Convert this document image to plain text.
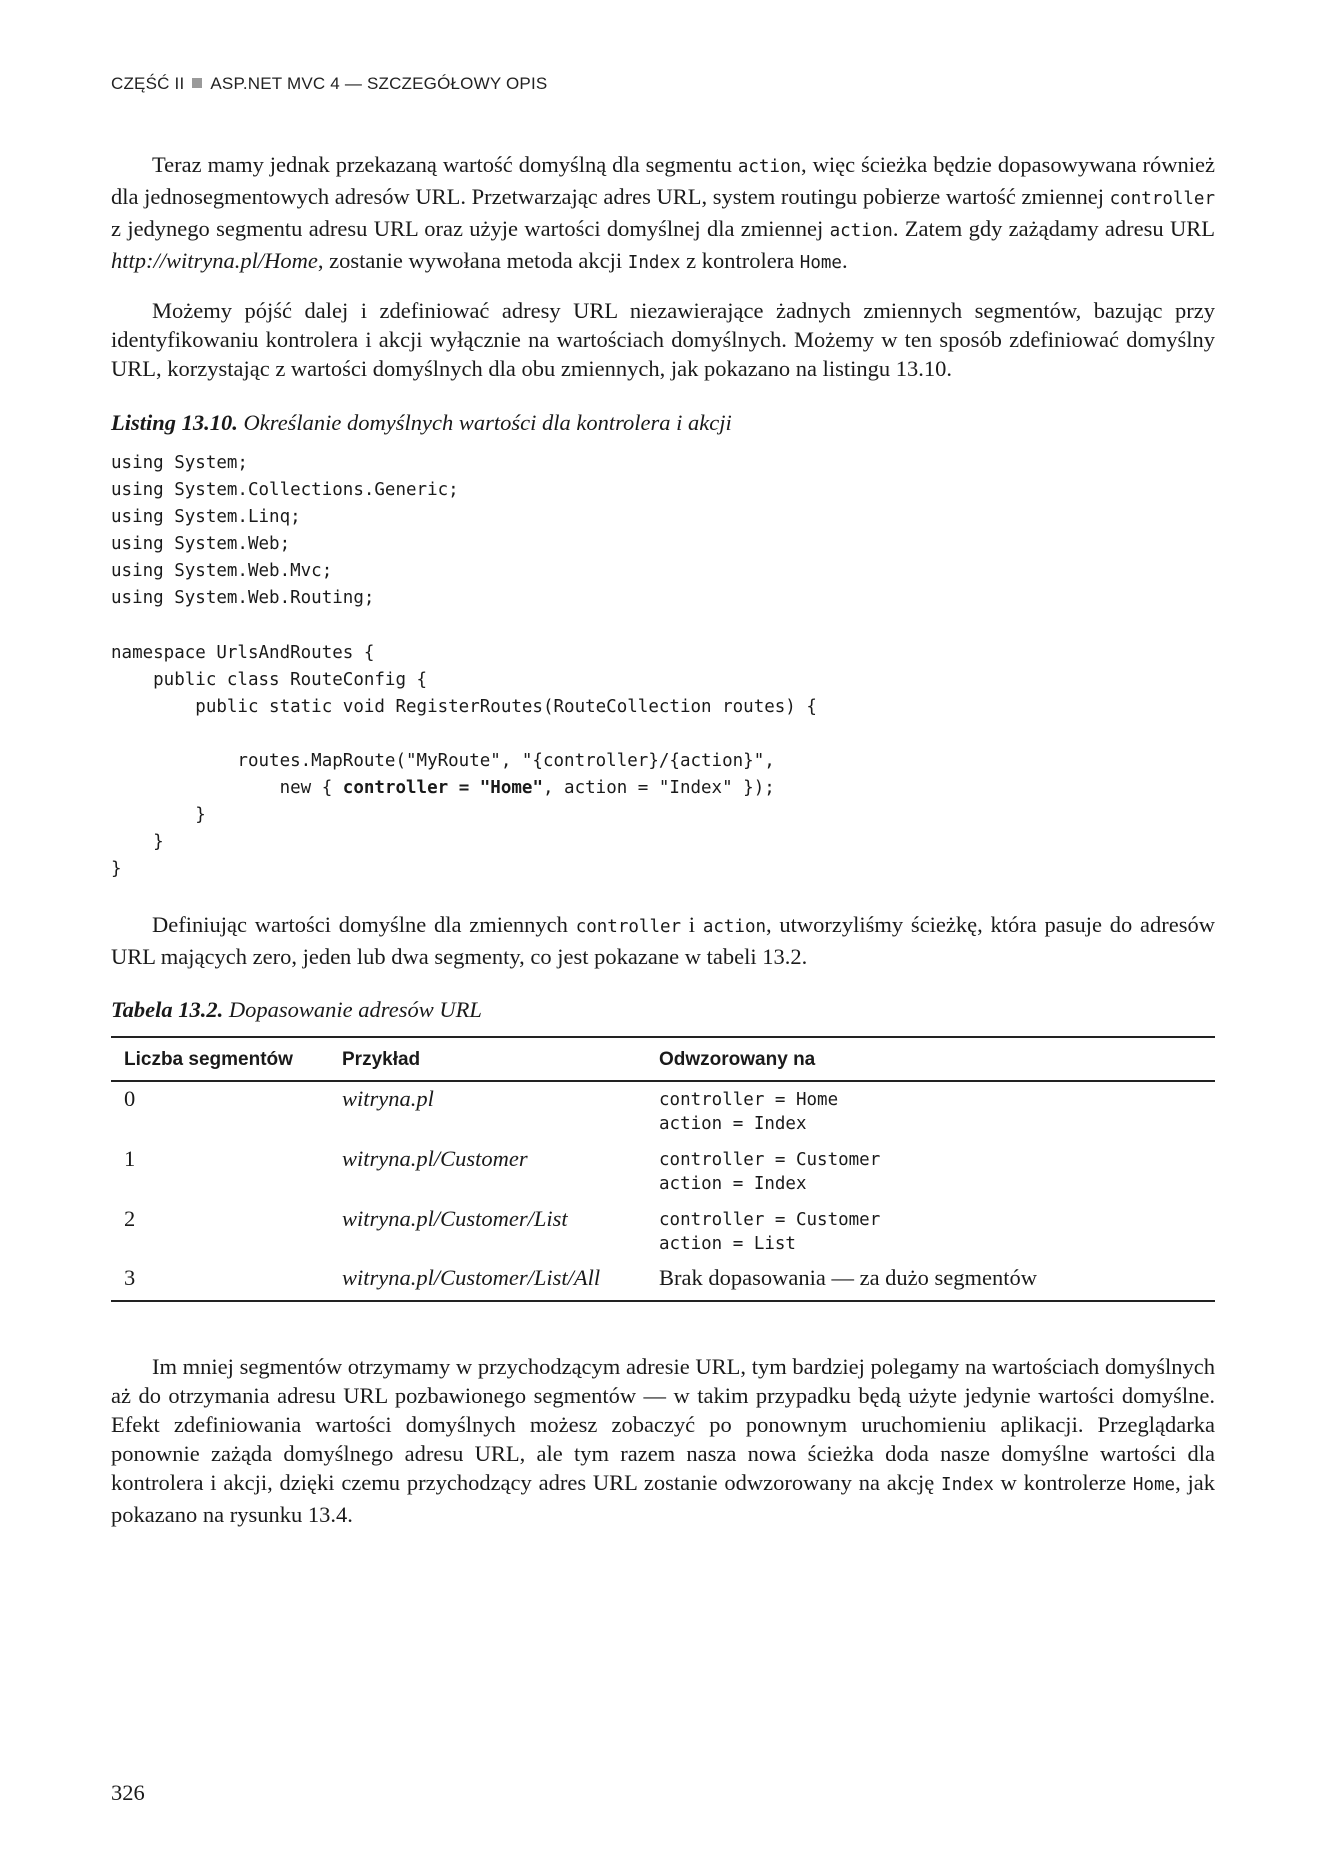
CZĘŚĆ II ASP.NET MVC 4 — SZCZEGÓŁOWY OPIS

Teraz mamy jednak przekazaną wartość domyślną dla segmentu action, więc ścieżka będzie dopasowywana również dla jednosegmentowych adresów URL. Przetwarzając adres URL, system routingu pobierze wartość zmiennej controller z jedynego segmentu adresu URL oraz użyje wartości domyślnej dla zmiennej action. Zatem gdy zażądamy adresu URL http://witryna.pl/Home, zostanie wywołana metoda akcji Index z kontrolera Home.

Możemy pójść dalej i zdefiniować adresy URL niezawierające żadnych zmiennych segmentów, bazując przy identyfikowaniu kontrolera i akcji wyłącznie na wartościach domyślnych. Możemy w ten sposób zdefiniować domyślny URL, korzystając z wartości domyślnych dla obu zmiennych, jak pokazano na listingu 13.10.

Listing 13.10. Określanie domyślnych wartości dla kontrolera i akcji
using System;
using System.Collections.Generic;
using System.Linq;
using System.Web;
using System.Web.Mvc;
using System.Web.Routing;

namespace UrlsAndRoutes {
public class RouteConfig {
public static void RegisterRoutes(RouteCollection routes) {

routes.MapRoute("MyRoute", "{controller}/{action}",
new { controller = "Home", action = "Index" });
}
}
}

Definiując wartości domyślne dla zmiennych controller i action, utworzyliśmy ścieżkę, która pasuje do adresów URL mających zero, jeden lub dwa segmenty, co jest pokazane w tabeli 13.2.

Tabela 13.2. Dopasowanie adresów URL
Liczba segmentów	Przykład	Odwzorowany na
0	witryna.pl	controller = Home
action = Index
1	witryna.pl/Customer	controller = Customer
action = Index
2	witryna.pl/Customer/List	controller = Customer
action = List
3	witryna.pl/Customer/List/All	Brak dopasowania — za dużo segmentów

Im mniej segmentów otrzymamy w przychodzącym adresie URL, tym bardziej polegamy na wartościach domyślnych aż do otrzymania adresu URL pozbawionego segmentów — w takim przypadku będą użyte jedynie wartości domyślne. Efekt zdefiniowania wartości domyślnych możesz zobaczyć po ponownym uruchomieniu aplikacji. Przeglądarka ponownie zażąda domyślnego adresu URL, ale tym razem nasza nowa ścieżka doda nasze domyślne wartości dla kontrolera i akcji, dzięki czemu przychodzący adres URL zostanie odwzorowany na akcję Index w kontrolerze Home, jak pokazano na rysunku 13.4.

326
